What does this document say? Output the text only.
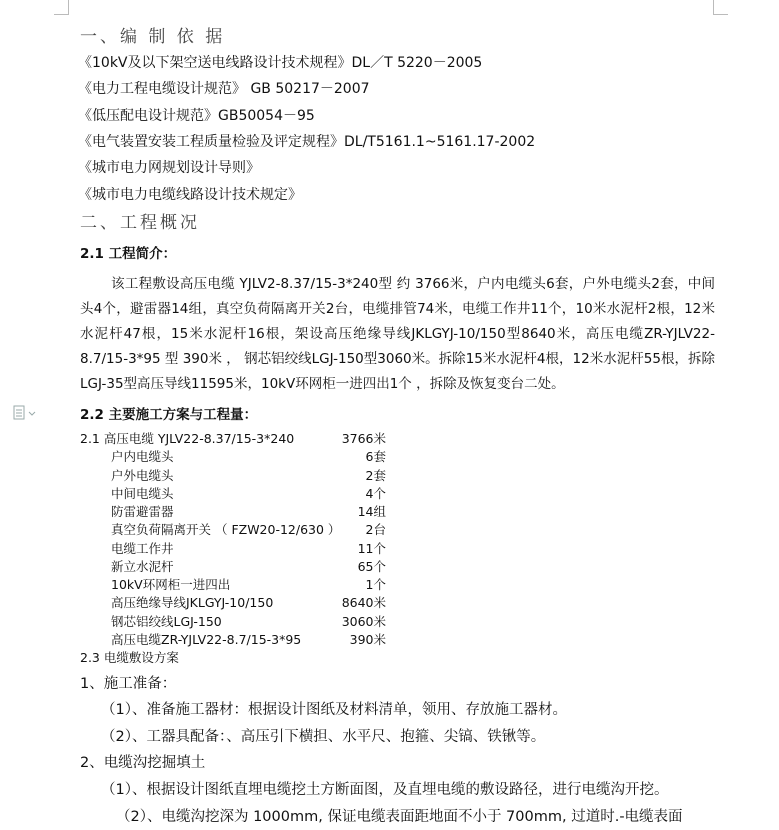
一、编 制 依 据
《10kV及以下架空送电线路设计技术规程》DL／T 5220－2005
《电力工程电缆设计规范》 GB 50217－2007
《低压配电设计规范》GB50054－95
《电气装置安装工程质量检验及评定规程》DL/T5161.1~5161.17-2002
《城市电力网规划设计导则》
《城市电力电缆线路设计技术规定》
二、工程概况
2.1 工程简介：
该工程敷设高压电缆 YJLV2-8.37/15-3*240型 约 3766米，户内电缆头6套，户外电缆头2套，中间头4个，避雷器14组，真空负荷隔离开关2台，电缆排管74米，电缆工作井11个，10米水泥杆2根，12米水泥杆47根，15米水泥杆16根，架设高压绝缘导线JKLGYJ-10/150型8640米，高压电缆ZR-YJLV22-8.7/15-3*95 型 390米 ， 钢芯铝绞线LGJ-150型3060米。拆除15米水泥杆4根，12米水泥杆55根，拆除LGJ-35型高压导线11595米，10kV环网柜一进四出1个 ，拆除及恢复变台二处。
2.2 主要施工方案与工程量：
2.1 高压电缆 YJLV22-8.37/15-3*240	3766米
户内电缆头	6套
户外电缆头	2套
中间电缆头	4个
防雷避雷器	14组
真空负荷隔离开关 （ FZW20-12/630 ）	2台
电缆工作井	11个
新立水泥杆	65个
10kV环网柜一进四出	1个
高压绝缘导线JKLGYJ-10/150	8640米
钢芯铝绞线LGJ-150	3060米
高压电缆ZR-YJLV22-8.7/15-3*95	390米
2.3 电缆敷设方案
1、施工准备：
（1）、准备施工器材：根据设计图纸及材料清单，领用、存放施工器材。
（2）、工器具配备：、高压引下横担、水平尺、抱箍、尖镐、铁锹等。
2、电缆沟挖掘填土
（1）、根据设计图纸直埋电缆挖土方断面图，及直埋电缆的敷设路径，进行电缆沟开挖。
（2）、电缆沟挖深为 1000mm, 保证电缆表面距地面不小于 700mm, 过道时.-电缆表面
